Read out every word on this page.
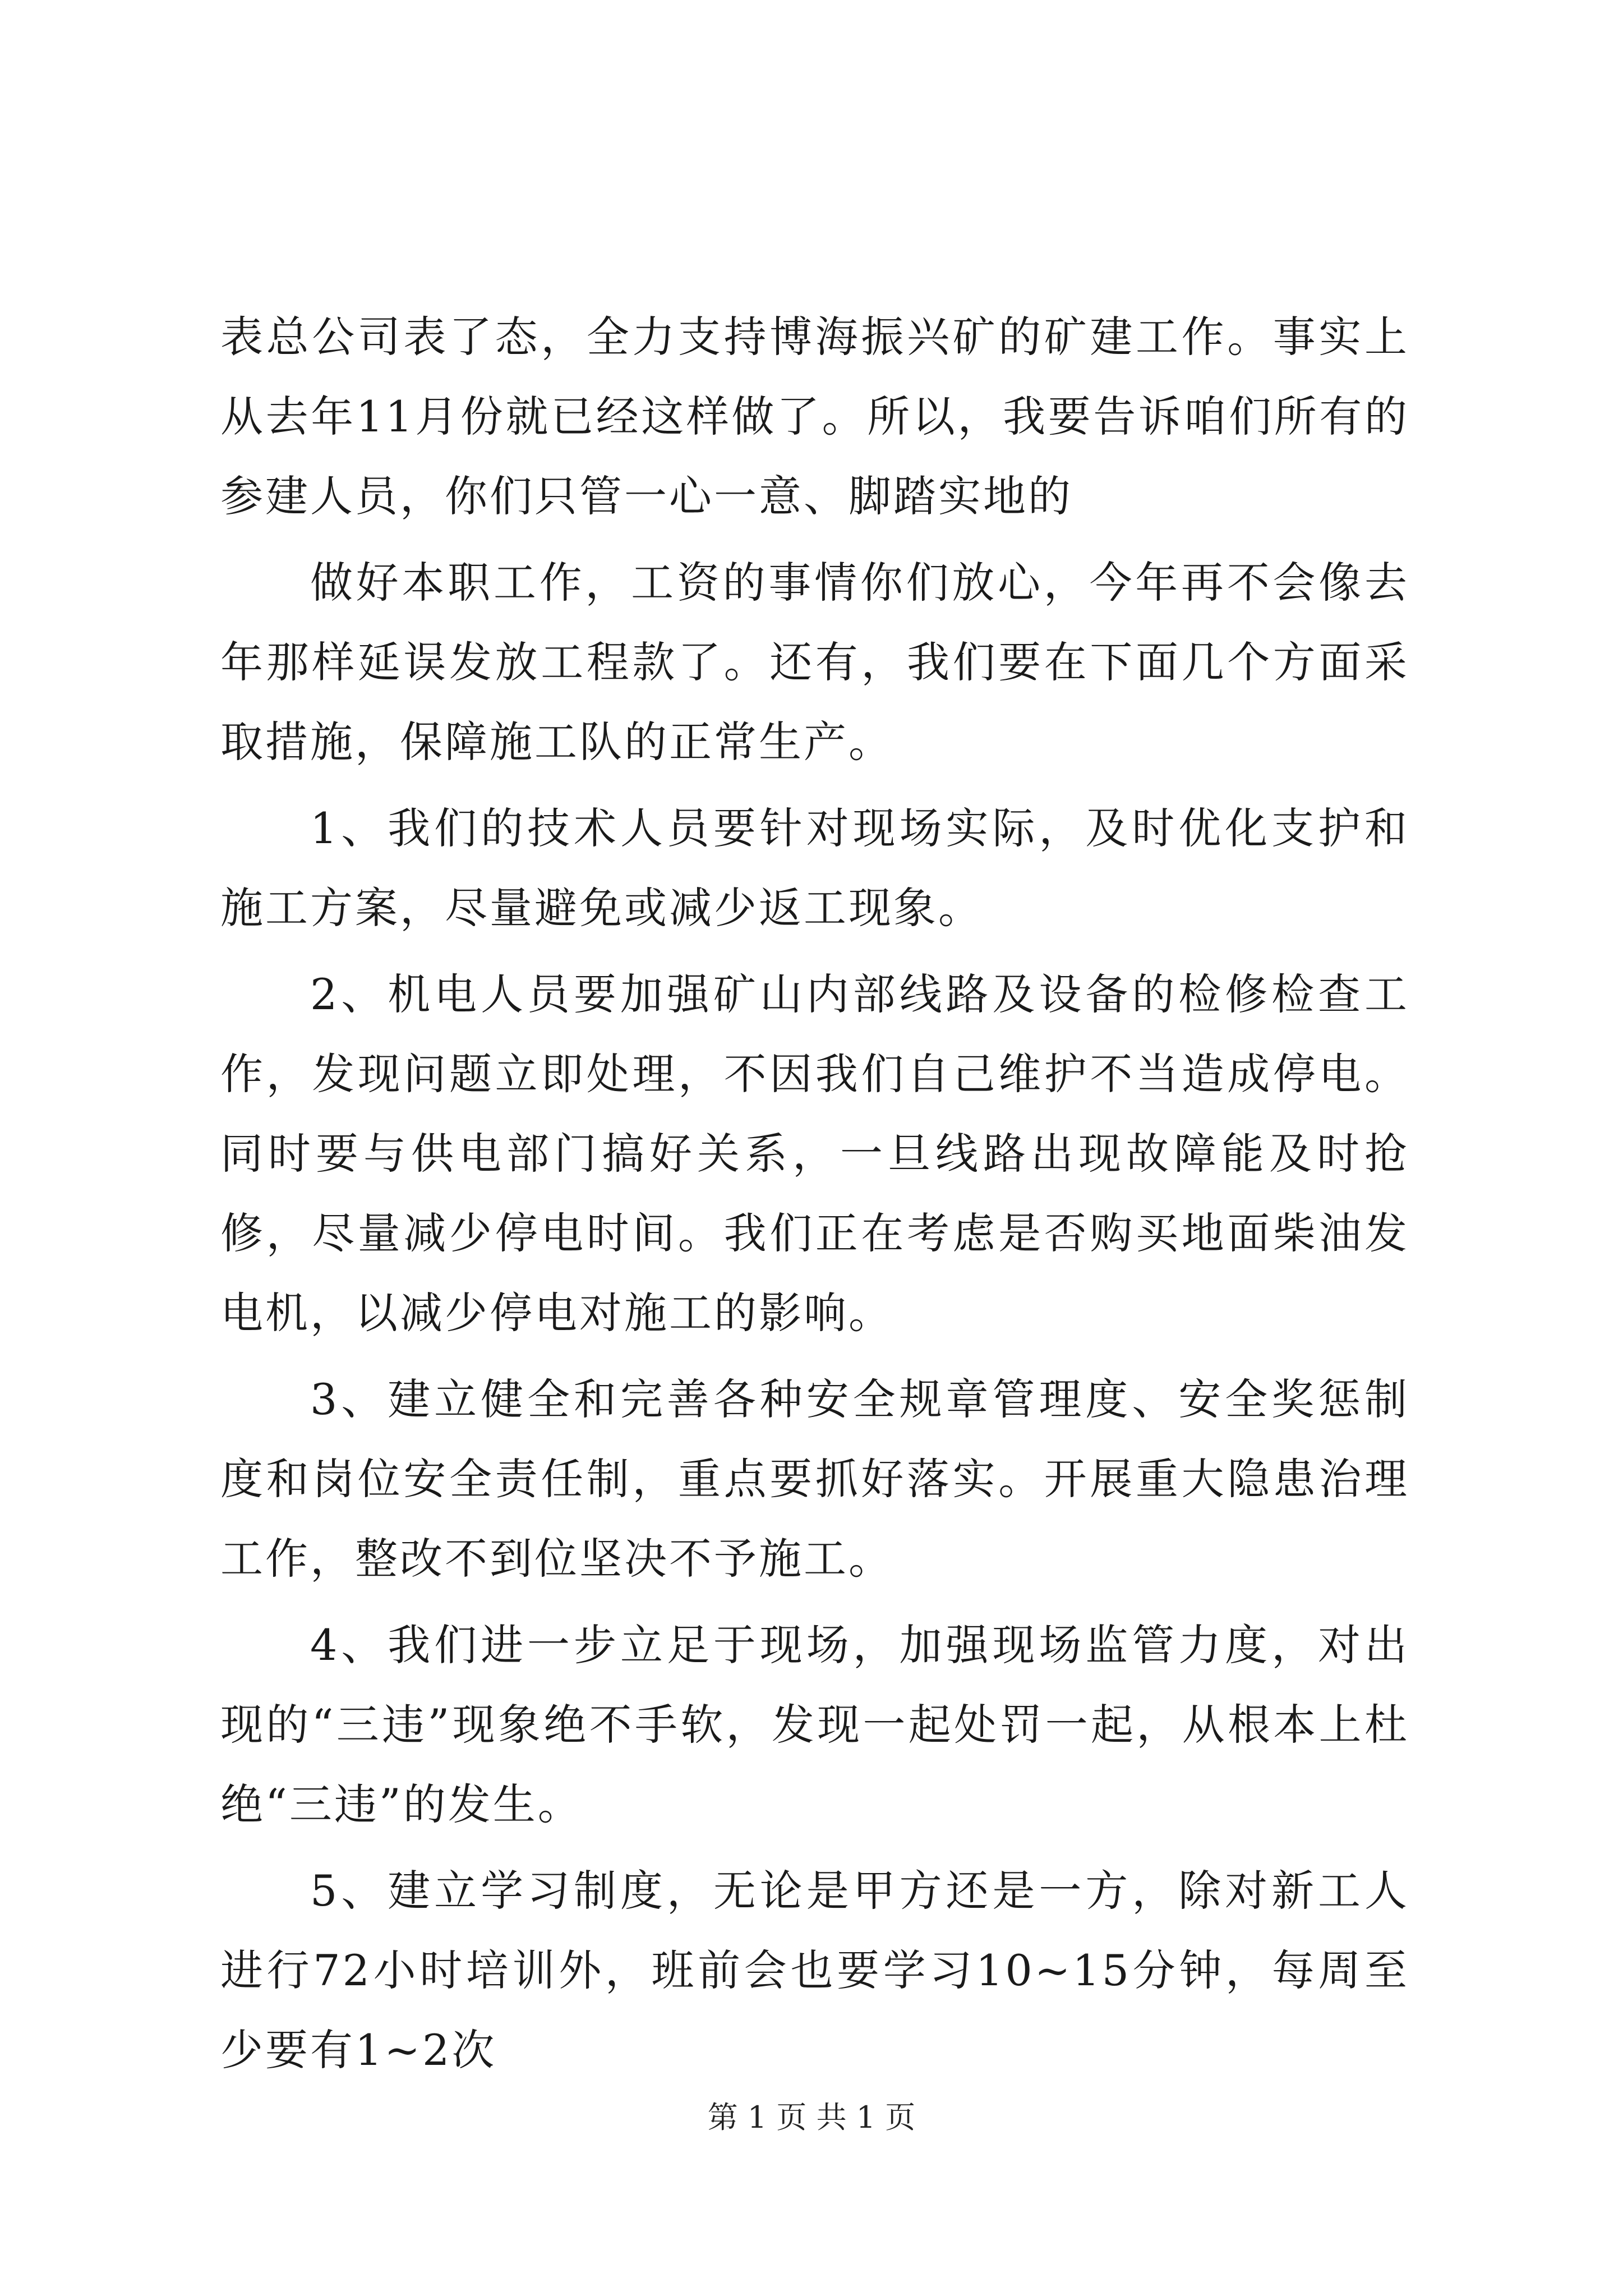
表总公司表了态，全力支持博海振兴矿的矿建工作。事实上从去年11月份就已经这样做了。所以，我要告诉咱们所有的参建人员，你们只管一心一意、脚踏实地的

做好本职工作，工资的事情你们放心，今年再不会像去年那样延误发放工程款了。还有，我们要在下面几个方面采取措施，保障施工队的正常生产。

1、我们的技术人员要针对现场实际，及时优化支护和施工方案，尽量避免或减少返工现象。

2、机电人员要加强矿山内部线路及设备的检修检查工作，发现问题立即处理，不因我们自己维护不当造成停电。同时要与供电部门搞好关系，一旦线路出现故障能及时抢修，尽量减少停电时间。我们正在考虑是否购买地面柴油发电机，以减少停电对施工的影响。

3、建立健全和完善各种安全规章管理度、安全奖惩制度和岗位安全责任制，重点要抓好落实。开展重大隐患治理工作，整改不到位坚决不予施工。

4、我们进一步立足于现场，加强现场监管力度，对出现的“三违”现象绝不手软，发现一起处罚一起，从根本上杜绝“三违”的发生。

5、建立学习制度，无论是甲方还是一方，除对新工人进行72小时培训外，班前会也要学习10~15分钟，每周至少要有1~2次

第 1 页 共 1 页
